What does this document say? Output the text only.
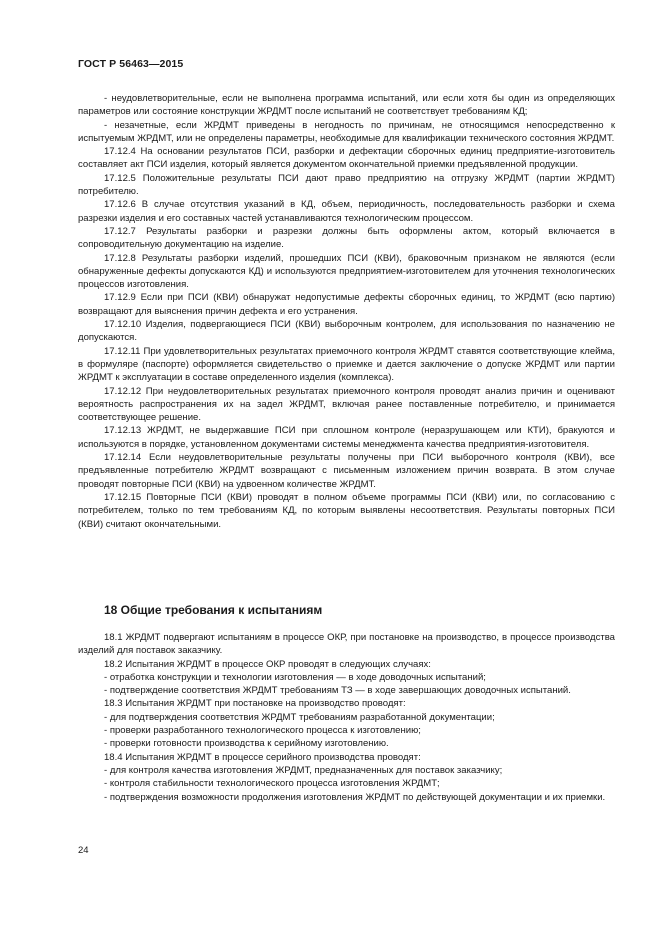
ГОСТ Р 56463—2015

- неудовлетворительные, если не выполнена программа испытаний, или если хотя бы один из определяющих параметров или состояние конструкции ЖРДМТ после испытаний не соответствует требованиям КД;

- незачетные, если ЖРДМТ приведены в негодность по причинам, не относящимся непосредственно к испытуемым ЖРДМТ, или не определены параметры, необходимые для квалификации технического состояния ЖРДМТ.

17.12.4 На основании результатов ПСИ, разборки и дефектации сборочных единиц предприятие-изготовитель составляет акт ПСИ изделия, который является документом окончательной приемки предъявленной продукции.

17.12.5 Положительные результаты ПСИ дают право предприятию на отгрузку ЖРДМТ (партии ЖРДМТ) потребителю.

17.12.6 В случае отсутствия указаний в КД, объем, периодичность, последовательность разборки и схема разрезки изделия и его составных частей устанавливаются технологическим процессом.

17.12.7 Результаты разборки и разрезки должны быть оформлены актом, который включается в сопроводительную документацию на изделие.

17.12.8 Результаты разборки изделий, прошедших ПСИ (КВИ), браковочным признаком не являются (если обнаруженные дефекты допускаются КД) и используются предприятием-изготовителем для уточнения технологических процессов изготовления.

17.12.9 Если при ПСИ (КВИ) обнаружат недопустимые дефекты сборочных единиц, то ЖРДМТ (всю партию) возвращают для выяснения причин дефекта и его устранения.

17.12.10 Изделия, подвергающиеся ПСИ (КВИ) выборочным контролем, для использования по назначению не допускаются.

17.12.11 При удовлетворительных результатах приемочного контроля ЖРДМТ ставятся соответствующие клейма, в формуляре (паспорте) оформляется свидетельство о приемке и дается заключение о допуске ЖРДМТ или партии ЖРДМТ к эксплуатации в составе определенного изделия (комплекса).

17.12.12 При неудовлетворительных результатах приемочного контроля проводят анализ причин и оценивают вероятность распространения их на задел ЖРДМТ, включая ранее поставленные потребителю, и принимается соответствующее решение.

17.12.13 ЖРДМТ, не выдержавшие ПСИ при сплошном контроле (неразрушающем или КТИ), бракуются и используются в порядке, установленном документами системы менеджмента качества предприятия-изготовителя.

17.12.14 Если неудовлетворительные результаты получены при ПСИ выборочного контроля (КВИ), все предъявленные потребителю ЖРДМТ возвращают с письменным изложением причин возврата. В этом случае проводят повторные ПСИ (КВИ) на удвоенном количестве ЖРДМТ.

17.12.15 Повторные ПСИ (КВИ) проводят в полном объеме программы ПСИ (КВИ) или, по согласованию с потребителем, только по тем требованиям КД, по которым выявлены несоответствия. Результаты повторных ПСИ (КВИ) считают окончательными.

18 Общие требования к испытаниям

18.1 ЖРДМТ подвергают испытаниям в процессе ОКР, при постановке на производство, в процессе производства изделий для поставок заказчику.

18.2 Испытания ЖРДМТ в процессе ОКР проводят в следующих случаях:

- отработка конструкции и технологии изготовления — в ходе доводочных испытаний;

- подтверждение соответствия ЖРДМТ требованиям ТЗ — в ходе завершающих доводочных испытаний.

18.3 Испытания ЖРДМТ при постановке на производство проводят:

- для подтверждения соответствия ЖРДМТ требованиям разработанной документации;

- проверки разработанного технологического процесса к изготовлению;

- проверки готовности производства к серийному изготовлению.

18.4 Испытания ЖРДМТ в процессе серийного производства проводят:

- для контроля качества изготовления ЖРДМТ, предназначенных для поставок заказчику;

- контроля стабильности технологического процесса изготовления ЖРДМТ;

- подтверждения возможности продолжения изготовления ЖРДМТ по действующей документации и их приемки.

24
